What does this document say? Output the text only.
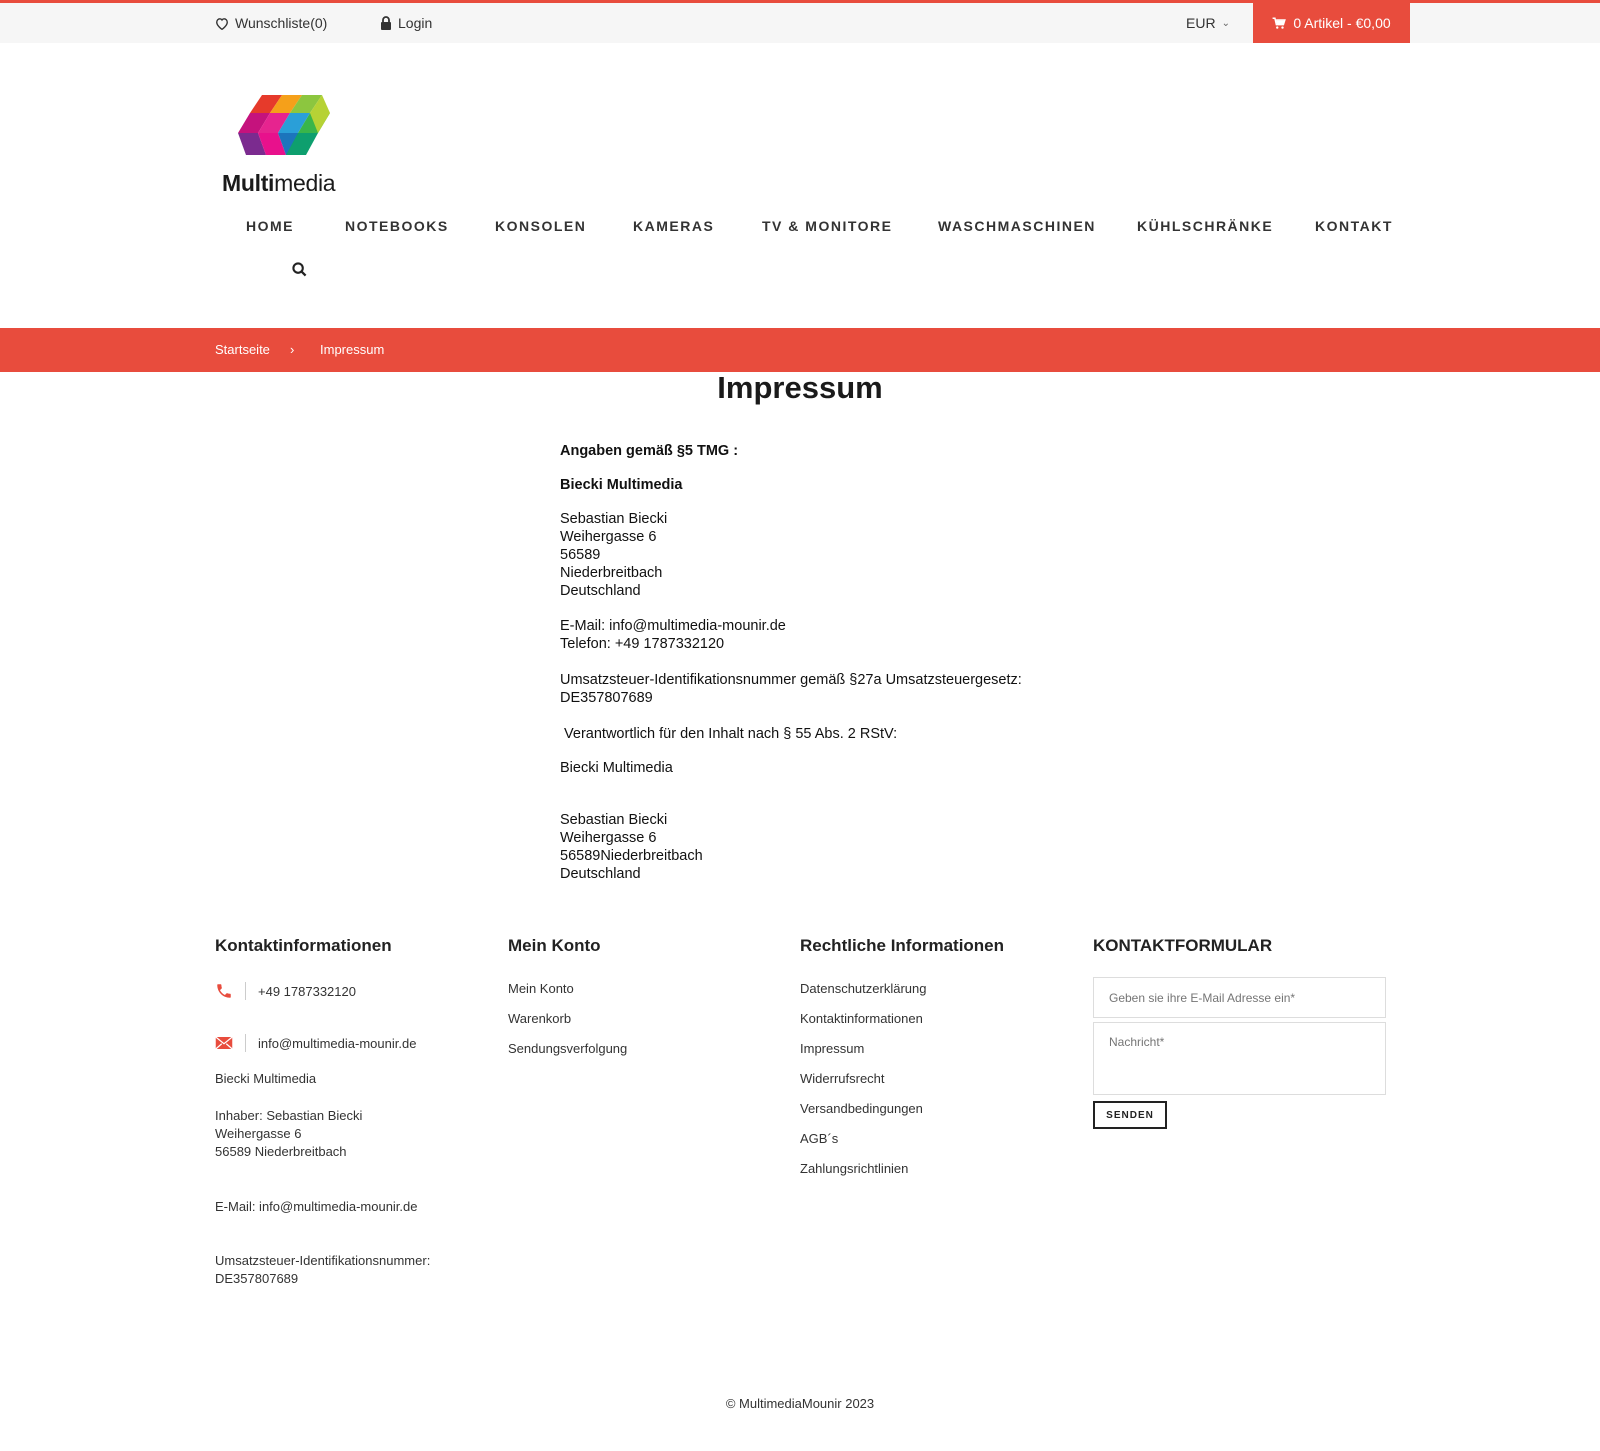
Wunschliste(0)	Login	EUR ⌄	0 Artikel - €0,00
Multimedia
HOME	NOTEBOOKS	KONSOLEN	KAMERAS	TV & MONITORE	WASCHMASCHINEN	KÜHLSCHRÄNKE	KONTAKT
Startseite › Impressum
Impressum

Angaben gemäß §5 TMG :

Biecki Multimedia

Sebastian Biecki

Weihergasse 6

56589

Niederbreitbach

Deutschland

E-Mail: info@multimedia-mounir.de

Telefon: +49 1787332120

Umsatzsteuer-Identifikationsnummer gemäß §27a Umsatzsteuergesetz:

DE357807689

Verantwortlich für den Inhalt nach § 55 Abs. 2 RStV:

Biecki Multimedia

Sebastian Biecki

Weihergasse 6

56589Niederbreitbach

Deutschland

Kontaktinformationen
+49 1787332120
info@multimedia-mounir.de

Biecki Multimedia

Inhaber: Sebastian Biecki

Weihergasse 6

56589 Niederbreitbach

E-Mail: info@multimedia-mounir.de

Umsatzsteuer-Identifikationsnummer:

DE357807689

Mein Konto
Mein Konto
Warenkorb
Sendungsverfolgung
Rechtliche Informationen
Datenschutzerklärung
Kontaktinformationen
Impressum
Widerrufsrecht
Versandbedingungen
AGB´s
Zahlungsrichtlinien
KONTAKTFORMULAR
Geben sie ihre E-Mail Adresse ein*
Nachricht*
SENDEN
© MultimediaMounir 2023
